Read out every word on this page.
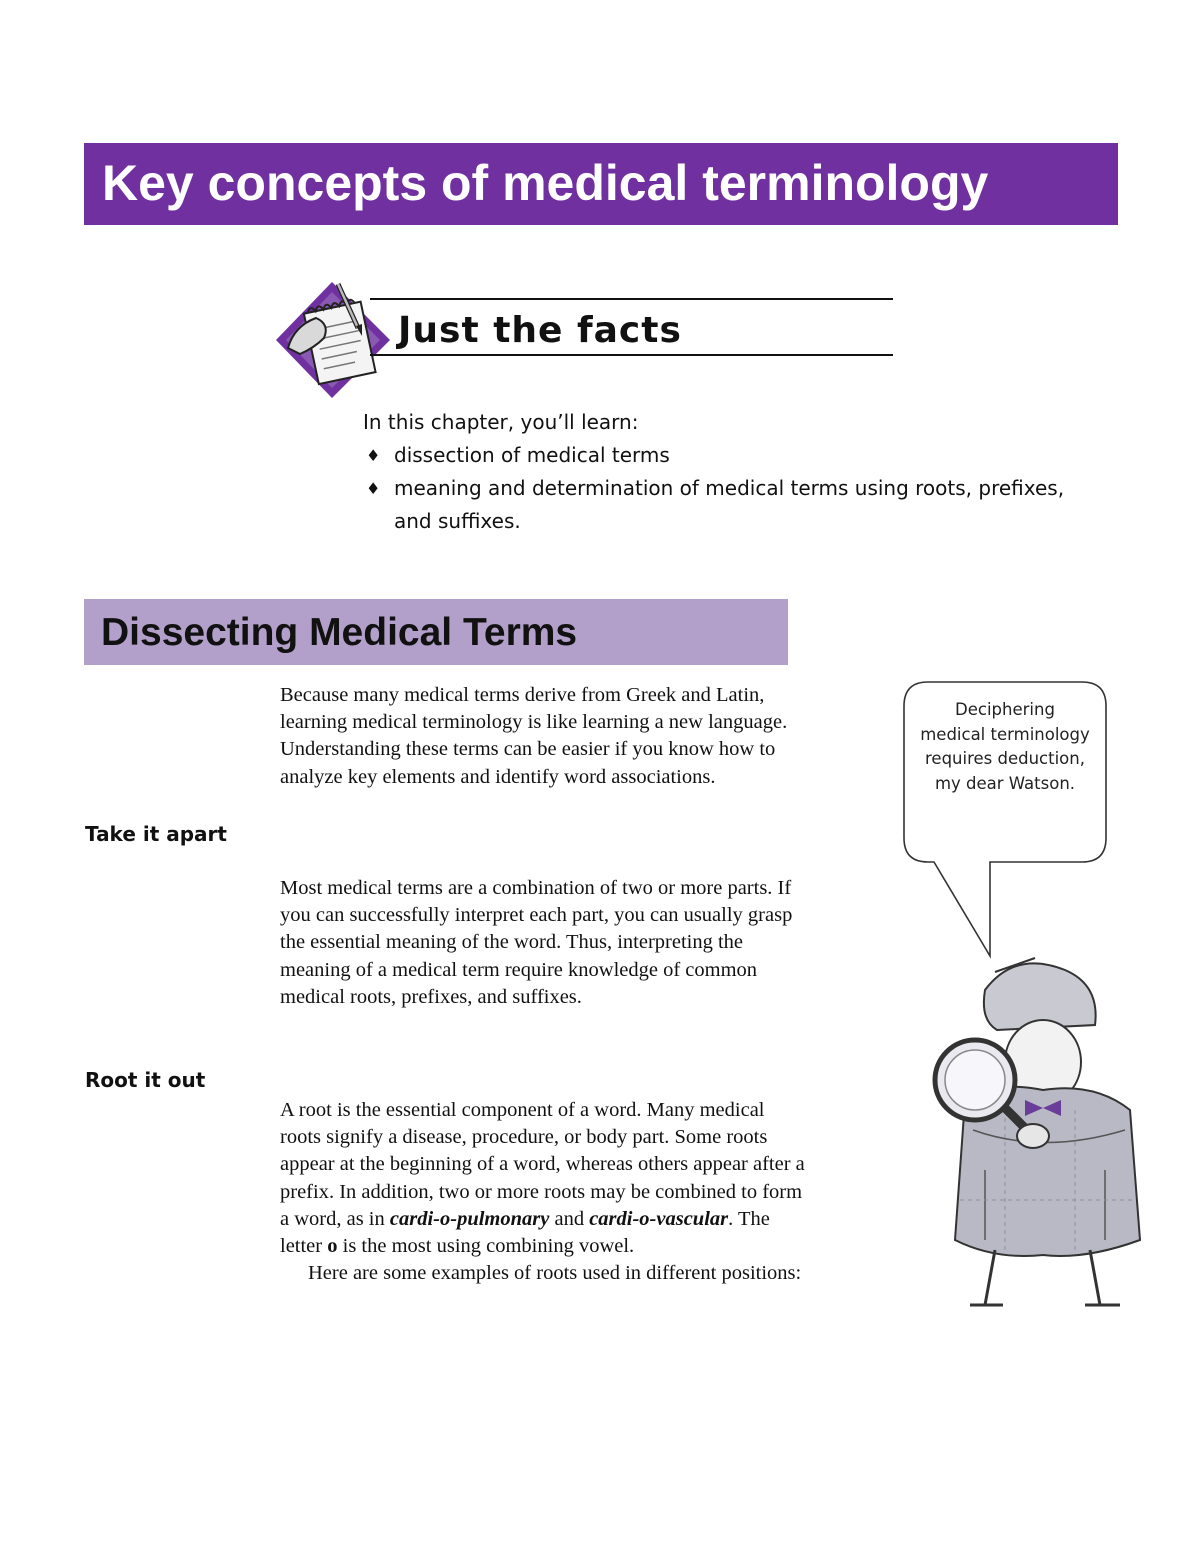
Key concepts of medical terminology
Just the facts
In this chapter, you’ll learn:
♦ dissection of medical terms
♦ meaning and determination of medical terms using roots, prefixes, and suffixes.
Dissecting Medical Terms

Because many medical terms derive from Greek and Latin, learning medical terminology is like learning a new language. Understanding these terms can be easier if you know how to analyze key elements and identify word associations.

Take it apart

Most medical terms are a combination of two or more parts. If you can successfully interpret each part, you can usually grasp the essential meaning of the word. Thus, interpreting the meaning of a medical term require knowledge of common medical roots, prefixes, and suffixes.

Root it out

A root is the essential component of a word. Many medical roots signify a disease, procedure, or body part. Some roots appear at the beginning of a word, whereas others appear after a prefix. In addition, two or more roots may be combined to form a word, as in cardi-o-pulmonary and cardi-o-vascular. The letter o is the most using combining vowel.
Here are some examples of roots used in different positions:

Deciphering medical terminology requires deduction, my dear Watson.
